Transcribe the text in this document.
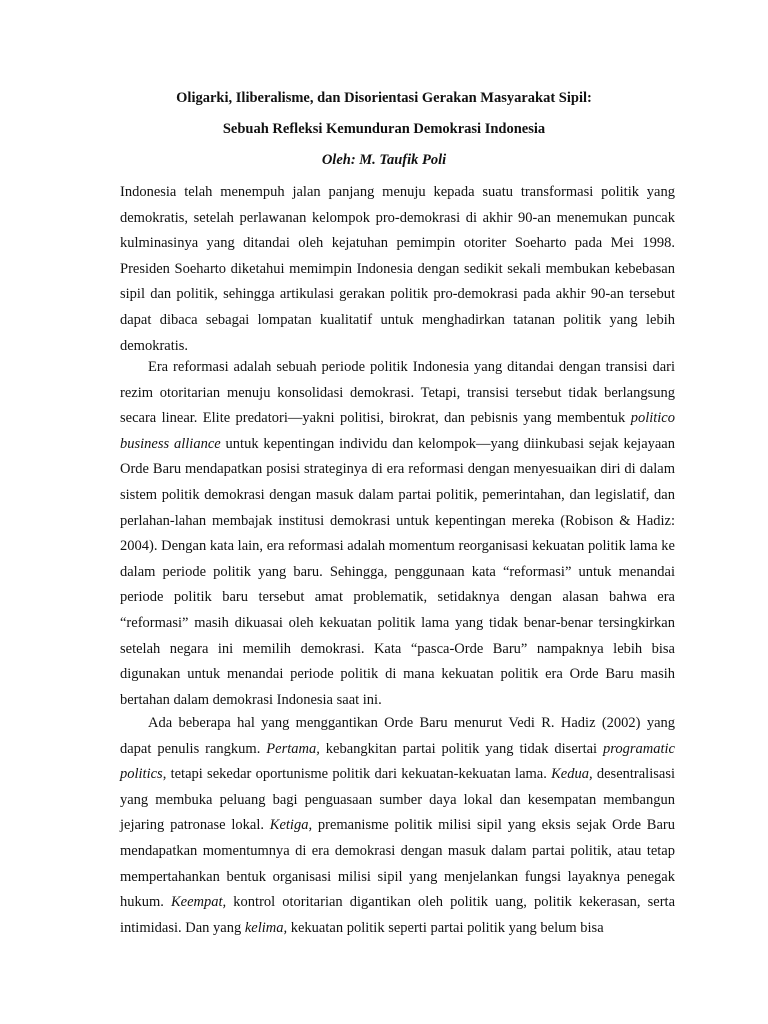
Oligarki, Iliberalisme, dan Disorientasi Gerakan Masyarakat Sipil:
Sebuah Refleksi Kemunduran Demokrasi Indonesia
Oleh: M. Taufik Poli

Indonesia telah menempuh jalan panjang menuju kepada suatu transformasi politik yang demokratis, setelah perlawanan kelompok pro-demokrasi di akhir 90-an menemukan puncak kulminasinya yang ditandai oleh kejatuhan pemimpin otoriter Soeharto pada Mei 1998. Presiden Soeharto diketahui memimpin Indonesia dengan sedikit sekali membukan kebebasan sipil dan politik, sehingga artikulasi gerakan politik pro-demokrasi pada akhir 90-an tersebut dapat dibaca sebagai lompatan kualitatif untuk menghadirkan tatanan politik yang lebih demokratis.

Era reformasi adalah sebuah periode politik Indonesia yang ditandai dengan transisi dari rezim otoritarian menuju konsolidasi demokrasi. Tetapi, transisi tersebut tidak berlangsung secara linear. Elite predatori—yakni politisi, birokrat, dan pebisnis yang membentuk politico business alliance untuk kepentingan individu dan kelompok—yang diinkubasi sejak kejayaan Orde Baru mendapatkan posisi strateginya di era reformasi dengan menyesuaikan diri di dalam sistem politik demokrasi dengan masuk dalam partai politik, pemerintahan, dan legislatif, dan perlahan-lahan membajak institusi demokrasi untuk kepentingan mereka (Robison & Hadiz: 2004). Dengan kata lain, era reformasi adalah momentum reorganisasi kekuatan politik lama ke dalam periode politik yang baru. Sehingga, penggunaan kata “reformasi” untuk menandai periode politik baru tersebut amat problematik, setidaknya dengan alasan bahwa era “reformasi” masih dikuasai oleh kekuatan politik lama yang tidak benar-benar tersingkirkan setelah negara ini memilih demokrasi. Kata “pasca-Orde Baru” nampaknya lebih bisa digunakan untuk menandai periode politik di mana kekuatan politik era Orde Baru masih bertahan dalam demokrasi Indonesia saat ini.

Ada beberapa hal yang menggantikan Orde Baru menurut Vedi R. Hadiz (2002) yang dapat penulis rangkum. Pertama, kebangkitan partai politik yang tidak disertai programatic politics, tetapi sekedar oportunisme politik dari kekuatan-kekuatan lama. Kedua, desentralisasi yang membuka peluang bagi penguasaan sumber daya lokal dan kesempatan membangun jejaring patronase lokal. Ketiga, premanisme politik milisi sipil yang eksis sejak Orde Baru mendapatkan momentumnya di era demokrasi dengan masuk dalam partai politik, atau tetap mempertahankan bentuk organisasi milisi sipil yang menjelankan fungsi layaknya penegak hukum. Keempat, kontrol otoritarian digantikan oleh politik uang, politik kekerasan, serta intimidasi. Dan yang kelima, kekuatan politik seperti partai politik yang belum bisa
